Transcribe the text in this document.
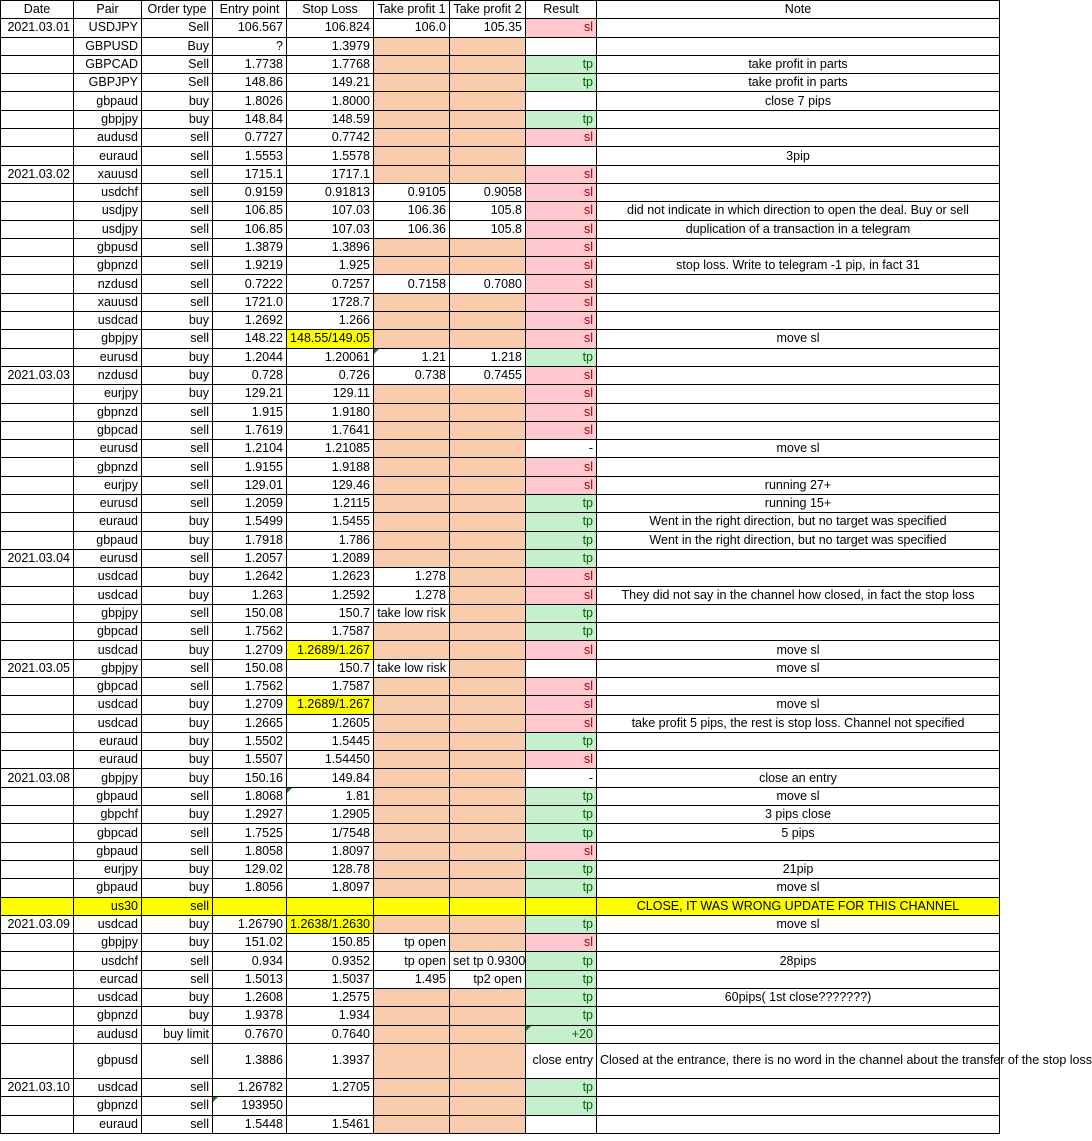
Date	Pair	Order type	Entry point	Stop Loss	Take profit 1	Take profit 2	Result	Note
2021.03.01	USDJPY	Sell	106.567	106.824	106.0	105.35	sl	
	GBPUSD	Buy	?	1.3979				
	GBPCAD	Sell	1.7738	1.7768			tp	take profit in parts
	GBPJPY	Sell	148.86	149.21			tp	take profit in parts
	gbpaud	buy	1.8026	1.8000				close 7 pips
	gbpjpy	buy	148.84	148.59			tp	
	audusd	sell	0.7727	0.7742			sl	
	euraud	sell	1.5553	1.5578				3pip
2021.03.02	xauusd	sell	1715.1	1717.1			sl	
	usdchf	sell	0.9159	0.91813	0.9105	0.9058	sl	
	usdjpy	sell	106.85	107.03	106.36	105.8	sl	did not indicate in which direction to open the deal. Buy or sell
	usdjpy	sell	106.85	107.03	106.36	105.8	sl	duplication of a transaction in a telegram
	gbpusd	sell	1.3879	1.3896			sl	
	gbpnzd	sell	1.9219	1.925			sl	stop loss. Write to telegram -1 pip, in fact 31
	nzdusd	sell	0.7222	0.7257	0.7158	0.7080	sl	
	xauusd	sell	1721.0	1728.7			sl	
	usdcad	buy	1.2692	1.266			sl	
	gbpjpy	sell	148.22	148.55/149.05			sl	move sl
	eurusd	buy	1.2044	1.20061	1.21	1.218	tp	
2021.03.03	nzdusd	buy	0.728	0.726	0.738	0.7455	sl	
	eurjpy	buy	129.21	129.11			sl	
	gbpnzd	sell	1.915	1.9180			sl	
	gbpcad	sell	1.7619	1.7641			sl	
	eurusd	sell	1.2104	1.21085			-	move sl
	gbpnzd	sell	1.9155	1.9188			sl	
	eurjpy	sell	129.01	129.46			sl	running 27+
	eurusd	sell	1.2059	1.2115			tp	running 15+
	euraud	buy	1.5499	1.5455			tp	Went in the right direction, but no target was specified
	gbpaud	buy	1.7918	1.786			tp	Went in the right direction, but no target was specified
2021.03.04	eurusd	sell	1.2057	1.2089			tp	
	usdcad	buy	1.2642	1.2623	1.278		sl	
	usdcad	buy	1.263	1.2592	1.278		sl	They did not say in the channel how closed, in fact the stop loss
	gbpjpy	sell	150.08	150.7	take low risk		tp	
	gbpcad	sell	1.7562	1.7587			tp	
	usdcad	buy	1.2709	1.2689/1.267			sl	move sl
2021.03.05	gbpjpy	sell	150.08	150.7	take low risk			move sl
	gbpcad	sell	1.7562	1.7587			sl	
	usdcad	buy	1.2709	1.2689/1.267			sl	move sl
	usdcad	buy	1.2665	1.2605			sl	take profit 5 pips, the rest is stop loss. Channel not specified
	euraud	buy	1.5502	1.5445			tp	
	euraud	buy	1.5507	1.54450			sl	
2021.03.08	gbpjpy	buy	150.16	149.84			-	close an entry
	gbpaud	sell	1.8068	1.81			tp	move sl
	gbpchf	buy	1.2927	1.2905			tp	3 pips close
	gbpcad	sell	1.7525	1/7548			tp	5 pips
	gbpaud	sell	1.8058	1.8097			sl	
	eurjpy	buy	129.02	128.78			tp	21pip
	gbpaud	buy	1.8056	1.8097			tp	move sl
	us30	sell						CLOSE, IT WAS WRONG UPDATE FOR THIS CHANNEL
2021.03.09	usdcad	buy	1.26790	1.2638/1.2630			tp	move sl
	gbpjpy	buy	151.02	150.85	tp open		sl	
	usdchf	sell	0.934	0.9352	tp open	set tp 0.9300	tp	28pips
	eurcad	sell	1.5013	1.5037	1.495	tp2 open	tp	
	usdcad	buy	1.2608	1.2575			tp	60pips( 1st close???????)
	gbpnzd	buy	1.9378	1.934			tp	
	audusd	buy limit	0.7670	0.7640			+20	
	gbpusd	sell	1.3886	1.3937			close entry	Closed at the entrance, there is no word in the channel about the transfer of the stop loss
2021.03.10	usdcad	sell	1.26782	1.2705			tp	
	gbpnzd	sell	193950				tp	
	euraud	sell	1.5448	1.5461				
